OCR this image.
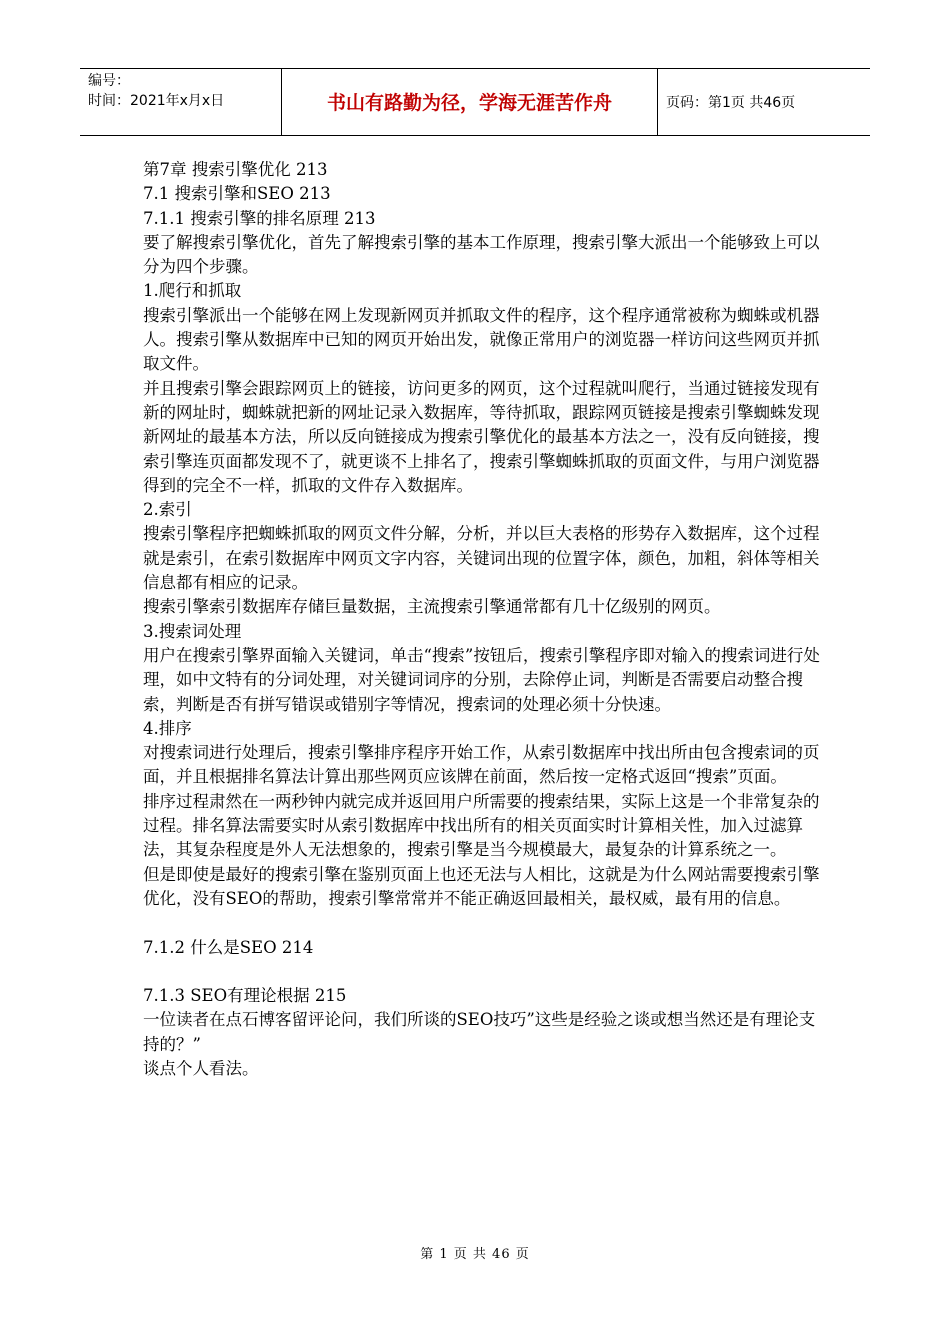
编号：
时间：2021年x月x日	书山有路勤为径，学海无涯苦作舟	页码：第1页 共46页

第7章 搜索引擎优化 213

7.1 搜索引擎和SEO 213

7.1.1 搜索引擎的排名原理 213

要了解搜索引擎优化，首先了解搜索引擎的基本工作原理，搜索引擎大派出一个能够致上可以分为四个步骤。

1.爬行和抓取

搜索引擎派出一个能够在网上发现新网页并抓取文件的程序，这个程序通常被称为蜘蛛或机器人。搜索引擎从数据库中已知的网页开始出发，就像正常用户的浏览器一样访问这些网页并抓取文件。

并且搜索引擎会跟踪网页上的链接，访问更多的网页，这个过程就叫爬行，当通过链接发现有新的网址时，蜘蛛就把新的网址记录入数据库，等待抓取，跟踪网页链接是搜索引擎蜘蛛发现新网址的最基本方法，所以反向链接成为搜索引擎优化的最基本方法之一，没有反向链接，搜索引擎连页面都发现不了，就更谈不上排名了，搜索引擎蜘蛛抓取的页面文件，与用户浏览器得到的完全不一样，抓取的文件存入数据库。

2.索引

搜索引擎程序把蜘蛛抓取的网页文件分解，分析，并以巨大表格的形势存入数据库，这个过程就是索引，在索引数据库中网页文字内容，关键词出现的位置字体，颜色，加粗，斜体等相关信息都有相应的记录。

搜索引擎索引数据库存储巨量数据，主流搜索引擎通常都有几十亿级别的网页。

3.搜索词处理

用户在搜索引擎界面输入关键词，单击“搜索”按钮后，搜索引擎程序即对输入的搜索词进行处理，如中文特有的分词处理，对关键词词序的分别，去除停止词，判断是否需要启动整合搜索，判断是否有拼写错误或错别字等情况，搜索词的处理必须十分快速。

4.排序

对搜索词进行处理后，搜索引擎排序程序开始工作，从索引数据库中找出所由包含搜索词的页面，并且根据排名算法计算出那些网页应该牌在前面，然后按一定格式返回“搜索”页面。

排序过程肃然在一两秒钟内就完成并返回用户所需要的搜索结果，实际上这是一个非常复杂的过程。排名算法需要实时从索引数据库中找出所有的相关页面实时计算相关性，加入过滤算法，其复杂程度是外人无法想象的，搜索引擎是当今规模最大，最复杂的计算系统之一。

但是即使是最好的搜索引擎在鉴别页面上也还无法与人相比，这就是为什么网站需要搜索引擎优化，没有SEO的帮助，搜索引擎常常并不能正确返回最相关，最权威，最有用的信息。

7.1.2 什么是SEO 214

7.1.3 SEO有理论根据 215

一位读者在点石博客留评论问，我们所谈的SEO技巧”这些是经验之谈或想当然还是有理论支持的？”

谈点个人看法。

第 1 页 共 46 页
